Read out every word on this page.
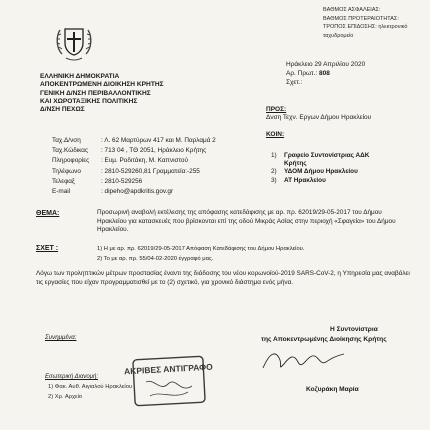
ΒΑΘΜΟΣ ΑΣΦΑΛΕΙΑΣ:
ΒΑΘΜΟΣ ΠΡΟΤΕΡΑΙΟΤΗΤΑΣ:
ΤΡΟΠΟΣ ΕΠΙΔΟΣΗΣ: ηλεκτρονικό ταχυδρομείο
ΕΛΛΗΝΙΚΗ ΔΗΜΟΚΡΑΤΙΑ
ΑΠΟΚΕΝΤΡΩΜΕΝΗ ΔΙΟΙΚΗΣΗ ΚΡΗΤΗΣ
ΓΕΝΙΚΗ Δ/ΝΣΗ ΠΕΡΙΒΑΛΛΟΝΤΙΚΗΣ
ΚΑΙ ΧΩΡΟΤΑΞΙΚΗΣ ΠΟΛΙΤΙΚΗΣ
Δ/ΝΣΗ ΠΕΧΩΣ
Ταχ.Δ/νση	: Λ. 62 Μαρτύρων 417 και Μ. Παρλαμά 2
Ταχ.Κώδικας	: 713 04 , ΤΘ 2051, Ηράκλειο Κρήτης
Πληροφορίες	: Ευμ. Ροδιτάκη, Μ. Καπνιστού
Τηλέφωνο	: 2810-529260,81 Γραμματεία:-255
Τελεφαξ	: 2810-529256
E-mail	: dipeho@apdkritis.gov.gr
Ηράκλειο 29 Απριλίου 2020
Αρ. Πρωτ.: 808
Σχετ.:
ΠΡΟΣ:
Δνση Τεχν. Εργων Δήμου Ηρακλείου
ΚΟΙΝ:
1)	Γραφείο Συντονίστριας ΑΔΚ
Κρήτης
2)	ΥΔΟΜ Δήμου Ηρακλείου
3)	ΑΤ Ηρακλείου
ΘΕΜΑ:	Προσωρινή αναβολή εκτέλεσης της απόφασης κατεδάφισης με αρ. πρ. 62019/29-05-2017 του Δήμου Ηρακλείου για κατασκευές που βρίσκονται επί της οδού Μικράς Ασίας στην περιοχή «Σφαγεία» του Δήμου Ηρακλείου.
ΣΧΕΤ :	1) Η με αρ. πρ. 62019/29-05-2017 Απόφαση Κατεδάφισης του Δήμου Ηρακλείου.
2) Το με αρ. πρ. 55/04-02-2020 έγγραφό μας.
Λόγω των προληπτικών μέτρων προστασίας έναντι της διάδοσης του νέου κορωνοϊού-2019 SARS-CoV-2, η Υπηρεσία μας αναβάλει τις εργασίες που είχαν προγραμματισθεί με το (2) σχετικό, για χρονικό διάστημα ενός μήνα.
Η Συντονίστρια
της Αποκεντρωμένης Διοίκησης Κρήτης
Κοζυράκη Μαρία
Συνημμένα:
Εσωτερική Διανομή:
1) Φακ. Αυθ. Αιγιαλού Ηρακλείου
2) Χρ. Αρχείο
ΑΚΡΙΒΕΣ ΑΝΤΙΓΡΑΦΟ
